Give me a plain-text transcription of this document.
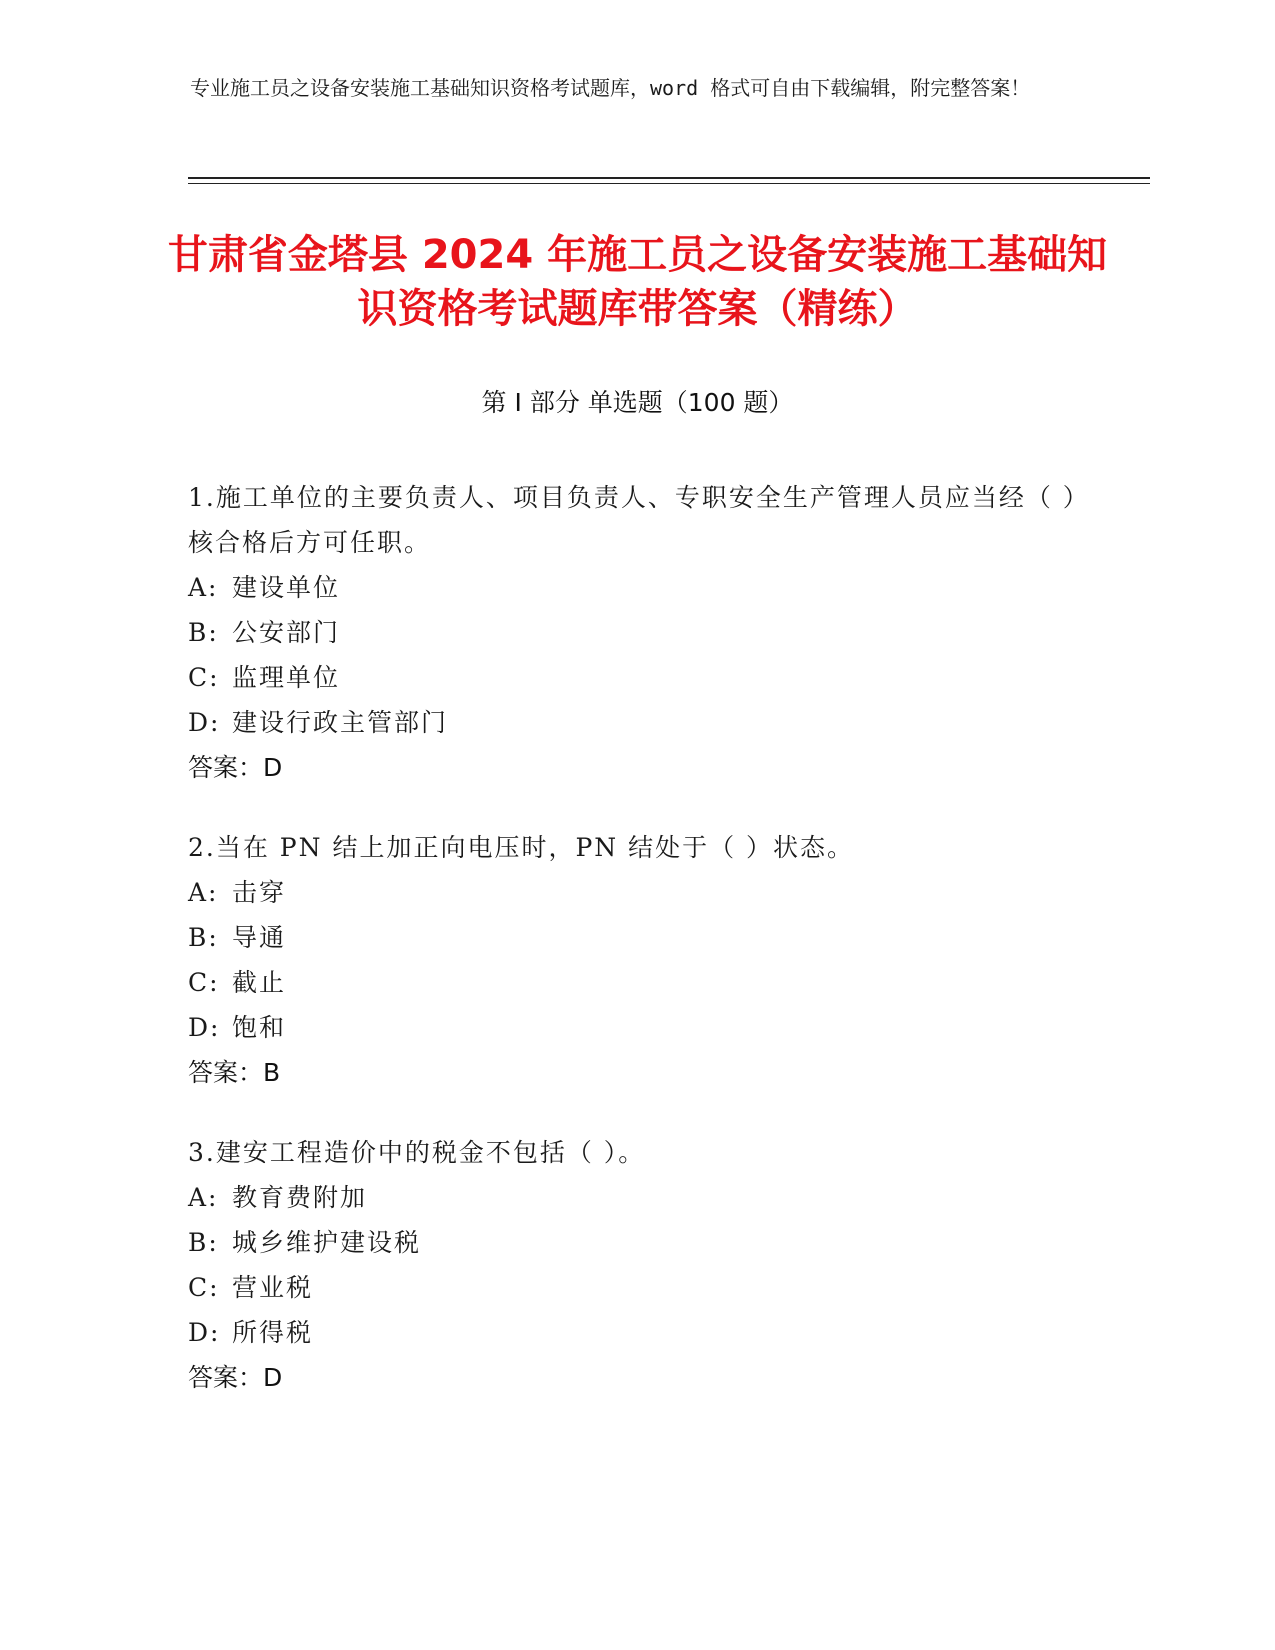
专业施工员之设备安装施工基础知识资格考试题库，word 格式可自由下载编辑，附完整答案！
甘肃省金塔县 2024 年施工员之设备安装施工基础知识资格考试题库带答案（精练）
第 I 部分 单选题（100 题）
1.施工单位的主要负责人、项目负责人、专职安全生产管理人员应当经（ ）核合格后方可任职。
A: 建设单位
B: 公安部门
C: 监理单位
D: 建设行政主管部门
答案：D
2.当在 PN 结上加正向电压时，PN 结处于（ ）状态。
A: 击穿
B: 导通
C: 截止
D: 饱和
答案：B
3.建安工程造价中的税金不包括（ ）。
A: 教育费附加
B: 城乡维护建设税
C: 营业税
D: 所得税
答案：D
